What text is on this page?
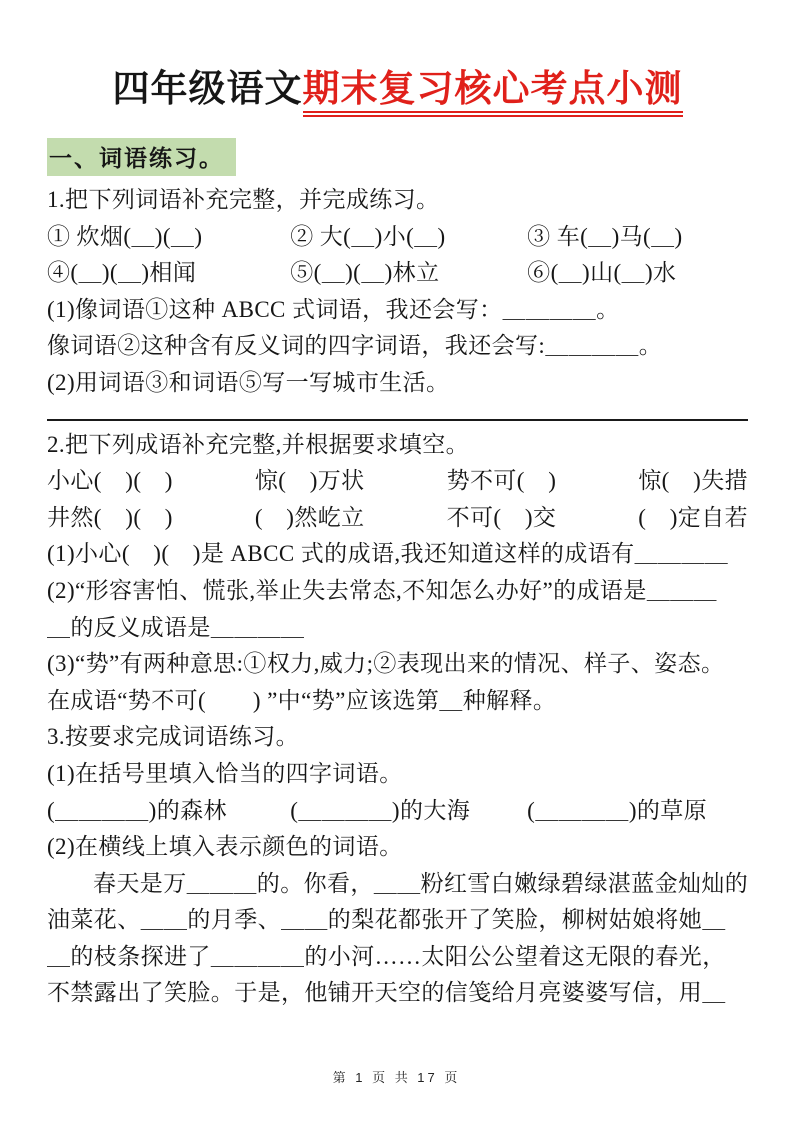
四年级语文期末复习核心考点小测
一、词语练习。

1.把下列词语补充完整，并完成练习。

① 炊烟(＿)(＿)	② 大(＿)小(＿)	③ 车(＿)马(＿)
④(＿)(＿)相闻	⑤(＿)(＿)林立	⑥(＿)山(＿)水

(1)像词语①这种 ABCC 式词语，我还会写：＿＿＿＿。

像词语②这种含有反义词的四字词语，我还会写:＿＿＿＿。

(2)用词语③和词语⑤写一写城市生活。

2.把下列成语补充完整,并根据要求填空。

小心(　)(　)	惊(　)万状	势不可(　)	惊(　)失措
井然(　)(　)	(　)然屹立	不可(　)交	(　)定自若

(1)小心(　)(　)是 ABCC 式的成语,我还知道这样的成语有＿＿＿＿

(2)“形容害怕、慌张,举止失去常态,不知怎么办好”的成语是＿＿＿

＿的反义成语是＿＿＿＿

(3)“势”有两种意思:①权力,威力;②表现出来的情况、样子、姿态。

在成语“势不可(　　) ”中“势”应该选第＿种解释。

3.按要求完成词语练习。

(1)在括号里填入恰当的四字词语。

(＿＿＿＿)的森林	(＿＿＿＿)的大海	(＿＿＿＿)的草原

(2)在横线上填入表示颜色的词语。

春天是万＿＿＿的。你看，＿＿粉红雪白嫩绿碧绿湛蓝金灿灿的

油菜花、＿＿的月季、＿＿的梨花都张开了笑脸，柳树姑娘将她＿

＿的枝条探进了＿＿＿＿的小河……太阳公公望着这无限的春光，

不禁露出了笑脸。于是，他铺开天空的信笺给月亮婆婆写信，用＿

第 1 页 共 17 页
